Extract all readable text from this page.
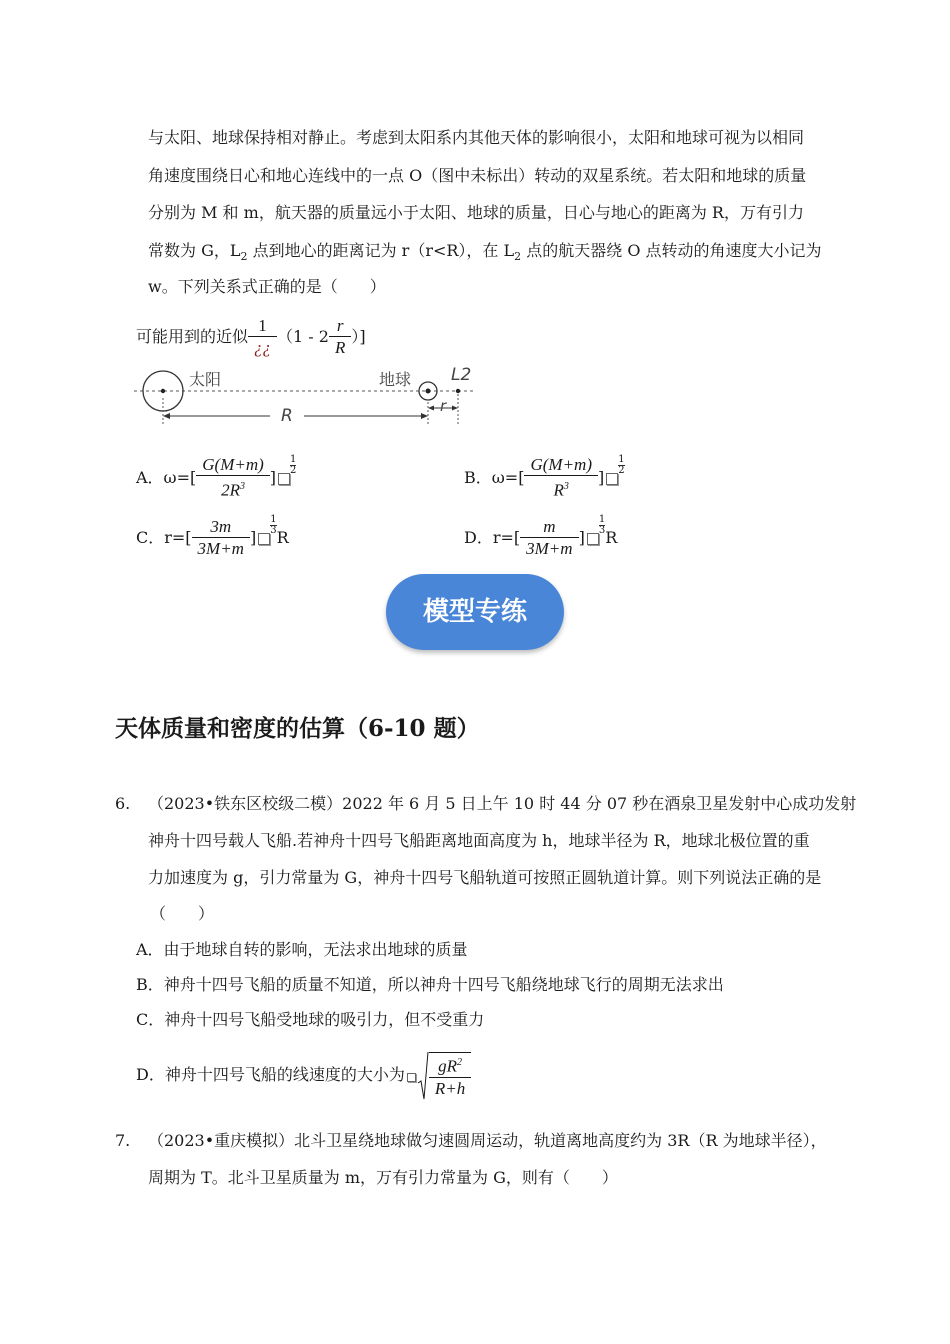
与太阳、地球保持相对静止。考虑到太阳系内其他天体的影响很小，太阳和地球可视为以相同
角速度围绕日心和地心连线中的一点 O（图中未标出）转动的双星系统。若太阳和地球的质量
分别为 M 和 m，航天器的质量远小于太阳、地球的质量，日心与地心的距离为 R，万有引力
常数为 G，$L_2$ 点到地心的距离记为 r（r<R），在 $L_2$ 点的航天器绕 O 点转动的角速度大小记为
w。下列关系式正确的是（　　）
可能用到的近似 $\frac{1}{¿¿} (1 - 2 \frac{r}{R}$ ）]
太阳	地球 L2
R	r
A．$\omega=[ \frac{G(M+m)}{2R^3}$ ]
$\frac{1}{2}$
B．$\omega=[ \frac{G(M+m)}{R^3}$ ]
$\frac{1}{2}$
C．$r=[ \frac{3m}{3M+m}$ ]
$\frac{1}{3}$
R	D．$r=[ \frac{m}{3M+m}$ ]
$\frac{1}{3}$
R
模型专练
天体质量和密度的估算（6-10 题）
6. （2023•铁东区校级二模）2022 年 6 月 5 日上午 10 时 44 分 07 秒在酒泉卫星发射中心成功发射
神舟十四号载人飞船.若神舟十四号飞船距离地面高度为 h，地球半径为 R，地球北极位置的重
力加速度为 g，引力常量为 G，神舟十四号飞船轨道可按照正圆轨道计算。则下列说法正确的是
（　　）
A．由于地球自转的影响，无法求出地球的质量
B．神舟十四号飞船的质量不知道，所以神舟十四号飞船绕地球飞行的周期无法求出
C．神舟十四号飞船受地球的吸引力，但不受重力
D．神舟十四号飞船的线速度的大小为 $\frac{gR^2}{R+h}$
7. （2023•重庆模拟）北斗卫星绕地球做匀速圆周运动，轨道离地高度约为 3R（R 为地球半径），
周期为 T。北斗卫星质量为 m，万有引力常量为 G，则有（　　）
